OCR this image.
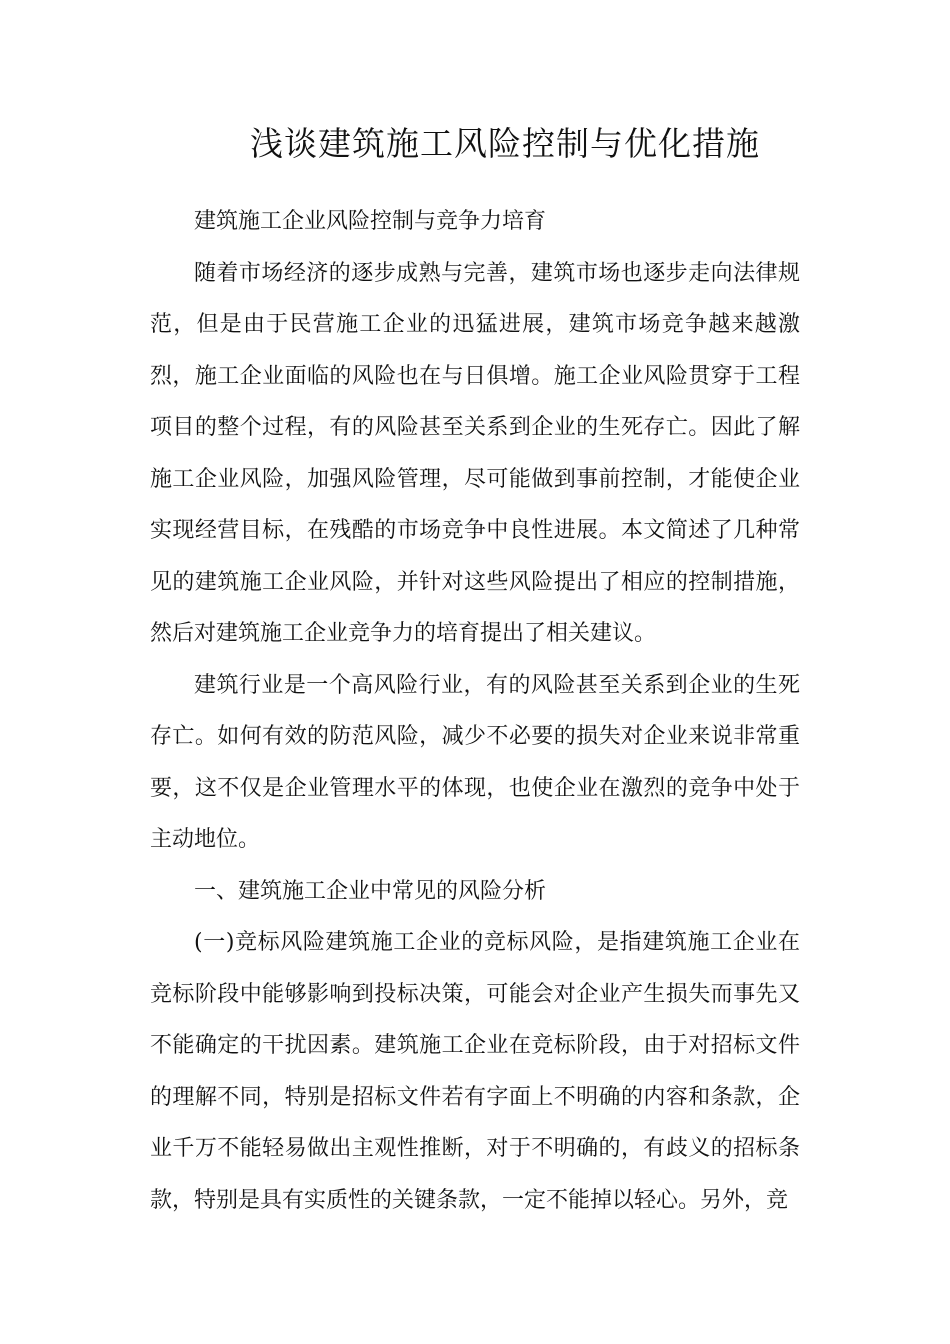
浅谈建筑施工风险控制与优化措施

建筑施工企业风险控制与竞争力培育

随着市场经济的逐步成熟与完善，建筑市场也逐步走向法律规范，但是由于民营施工企业的迅猛进展，建筑市场竞争越来越激烈，施工企业面临的风险也在与日俱增。施工企业风险贯穿于工程项目的整个过程，有的风险甚至关系到企业的生死存亡。因此了解施工企业风险，加强风险管理，尽可能做到事前控制，才能使企业实现经营目标，在残酷的市场竞争中良性进展。本文简述了几种常见的建筑施工企业风险，并针对这些风险提出了相应的控制措施，然后对建筑施工企业竞争力的培育提出了相关建议。

建筑行业是一个高风险行业，有的风险甚至关系到企业的生死存亡。如何有效的防范风险，减少不必要的损失对企业来说非常重要，这不仅是企业管理水平的体现，也使企业在激烈的竞争中处于主动地位。

一、建筑施工企业中常见的风险分析

(一)竞标风险建筑施工企业的竞标风险，是指建筑施工企业在竞标阶段中能够影响到投标决策，可能会对企业产生损失而事先又不能确定的干扰因素。建筑施工企业在竞标阶段，由于对招标文件的理解不同，特别是招标文件若有字面上不明确的内容和条款，企业千万不能轻易做出主观性推断，对于不明确的，有歧义的招标条款，特别是具有实质性的关键条款，一定不能掉以轻心。另外，竞
